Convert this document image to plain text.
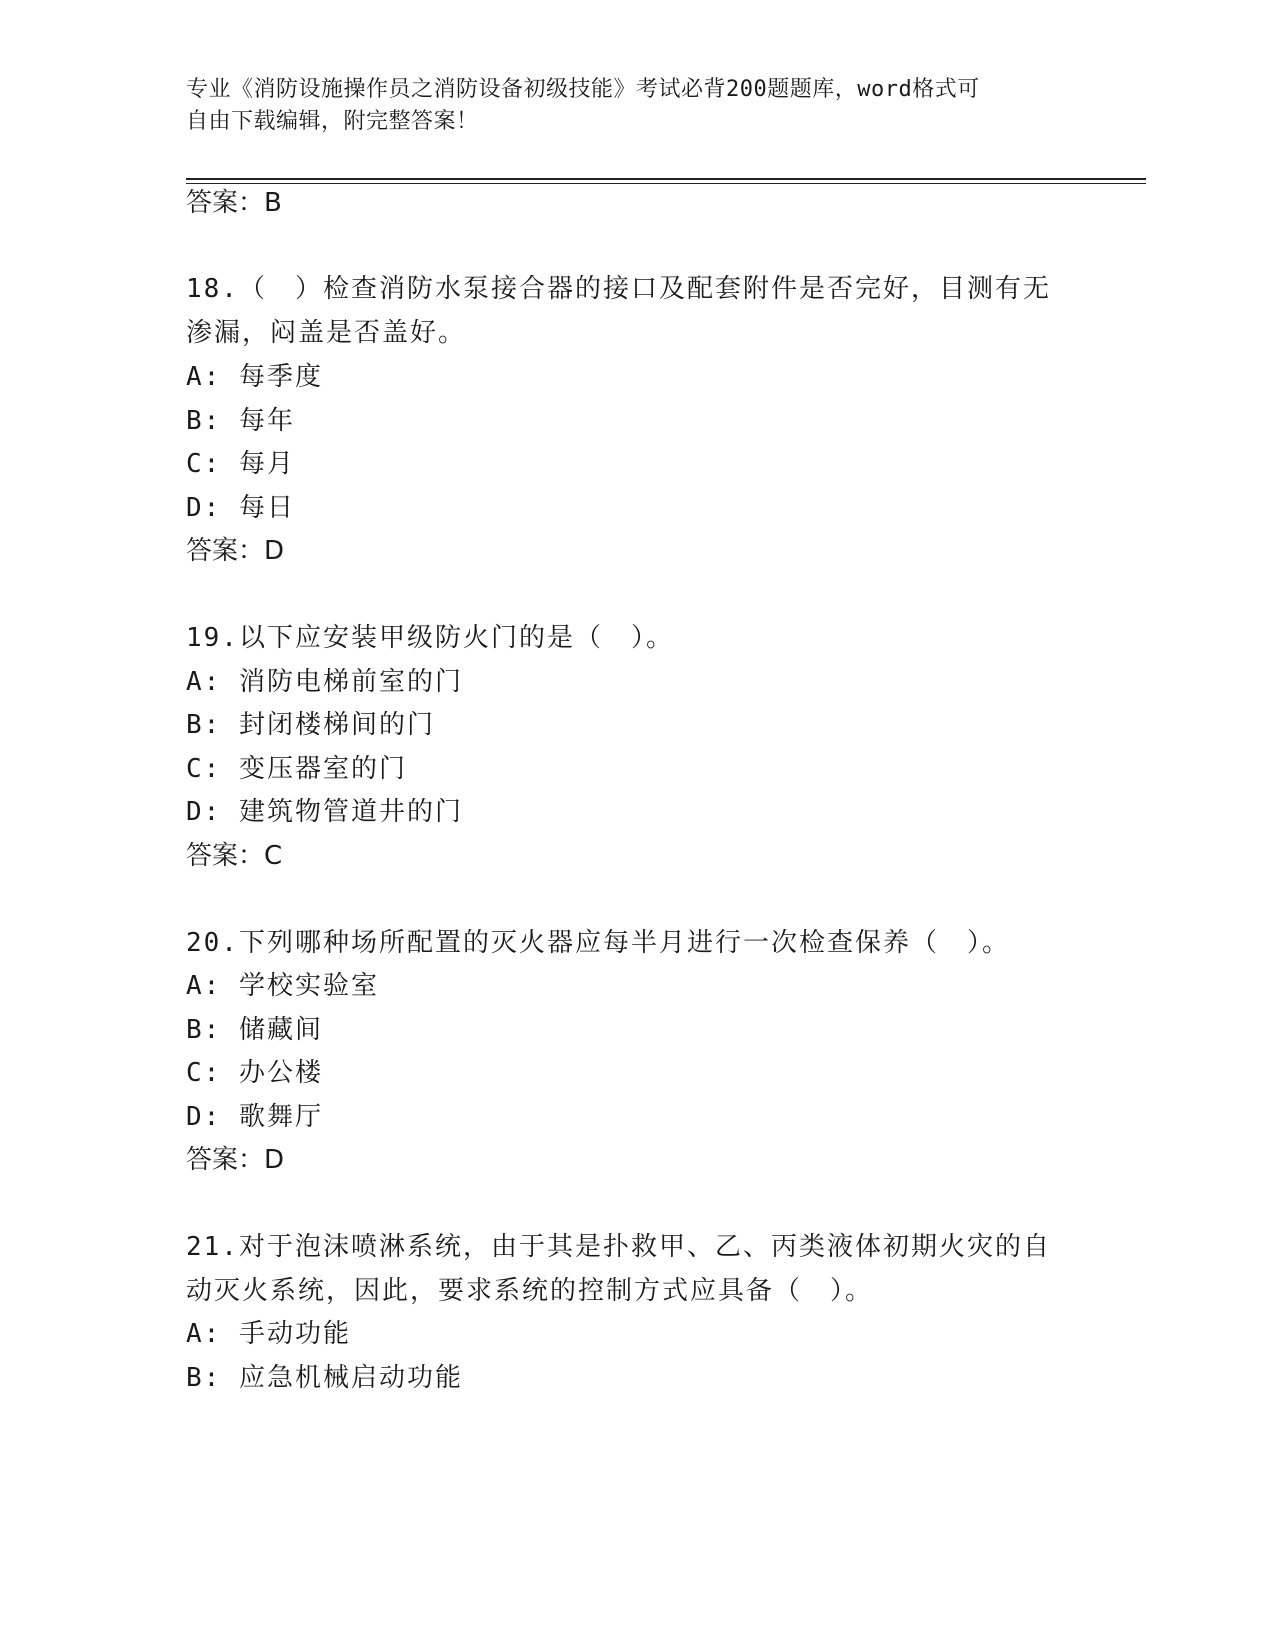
专业《消防设施操作员之消防设备初级技能》考试必背200题题库，word格式可
自由下载编辑，附完整答案！
答案：B
18.（　）检查消防水泵接合器的接口及配套附件是否完好，目测有无
渗漏，闷盖是否盖好。
A: 每季度
B: 每年
C: 每月
D: 每日
答案：D
19.以下应安装甲级防火门的是（　）。
A: 消防电梯前室的门
B: 封闭楼梯间的门
C: 变压器室的门
D: 建筑物管道井的门
答案：C
20.下列哪种场所配置的灭火器应每半月进行一次检查保养（　）。
A: 学校实验室
B: 储藏间
C: 办公楼
D: 歌舞厅
答案：D
21.对于泡沫喷淋系统，由于其是扑救甲、乙、丙类液体初期火灾的自
动灭火系统，因此，要求系统的控制方式应具备（　）。
A: 手动功能
B: 应急机械启动功能
